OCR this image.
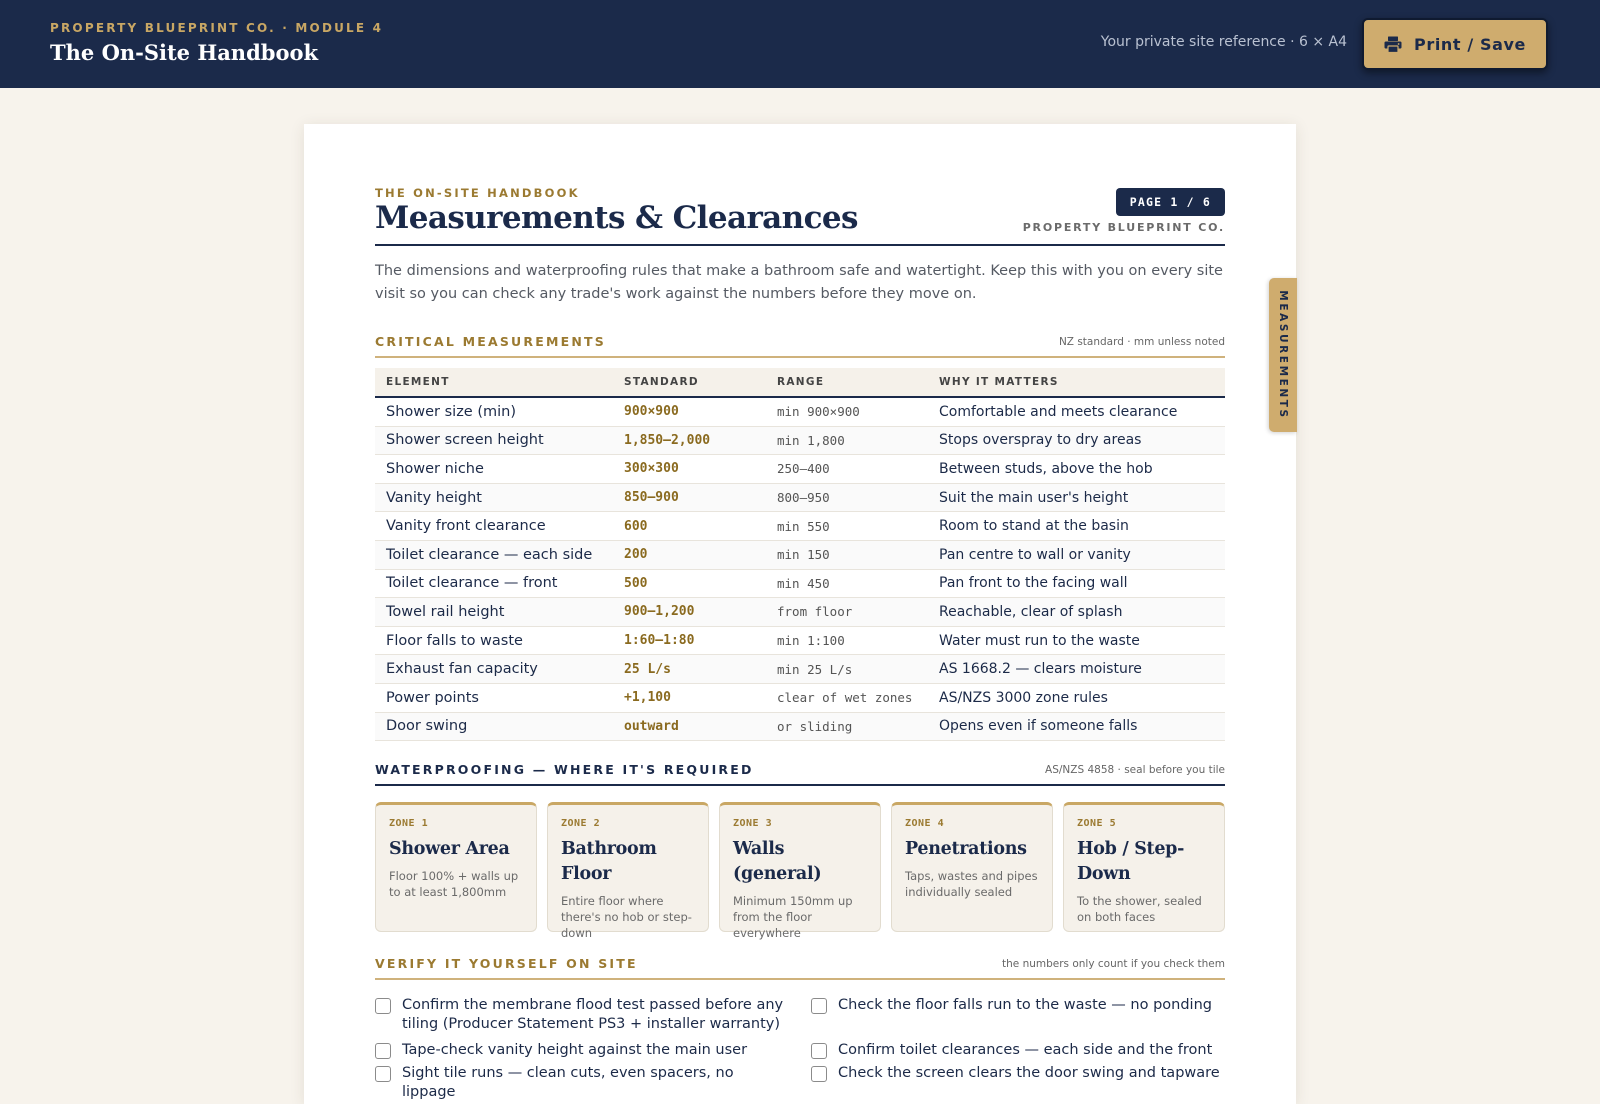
PROPERTY BLUEPRINT CO. · MODULE 4
The On-Site Handbook	Your private site reference · 6 × A4	Print / Save
THE ON-SITE HANDBOOK
Measurements & Clearances	PAGE 1 / 6
PROPERTY BLUEPRINT CO.
The dimensions and waterproofing rules that make a bathroom safe and watertight. Keep this with you on every site visit so you can check any trade's work against the numbers before they move on.
CRITICAL MEASUREMENTS	NZ standard · mm unless noted
ELEMENT	STANDARD	RANGE	WHY IT MATTERS
Shower size (min)	900×900	min 900×900	Comfortable and meets clearance
Shower screen height	1,850–2,000	min 1,800	Stops overspray to dry areas
Shower niche	300×300	250–400	Between studs, above the hob
Vanity height	850–900	800–950	Suit the main user's height
Vanity front clearance	600	min 550	Room to stand at the basin
Toilet clearance — each side	200	min 150	Pan centre to wall or vanity
Toilet clearance — front	500	min 450	Pan front to the facing wall
Towel rail height	900–1,200	from floor	Reachable, clear of splash
Floor falls to waste	1:60–1:80	min 1:100	Water must run to the waste
Exhaust fan capacity	25 L/s	min 25 L/s	AS 1668.2 — clears moisture
Power points	+1,100	clear of wet zones	AS/NZS 3000 zone rules
Door swing	outward	or sliding	Opens even if someone falls
WATERPROOFING — WHERE IT'S REQUIRED	AS/NZS 4858 · seal before you tile
ZONE 1
Shower Area
Floor 100% + walls up to at least 1,800mm
ZONE 2
Bathroom Floor
Entire floor where there's no hob or step-down
ZONE 3
Walls (general)
Minimum 150mm up from the floor everywhere
ZONE 4
Penetrations
Taps, wastes and pipes individually sealed
ZONE 5
Hob / Step-Down
To the shower, sealed on both faces
VERIFY IT YOURSELF ON SITE	the numbers only count if you check them
Confirm the membrane flood test passed before any tiling (Producer Statement PS3 + installer warranty)
Check the floor falls run to the waste — no ponding
Tape-check vanity height against the main user	Confirm toilet clearances — each side and the front
Sight tile runs — clean cuts, even spacers, no lippage
Check the screen clears the door swing and tapware
MEASUREMENTS
